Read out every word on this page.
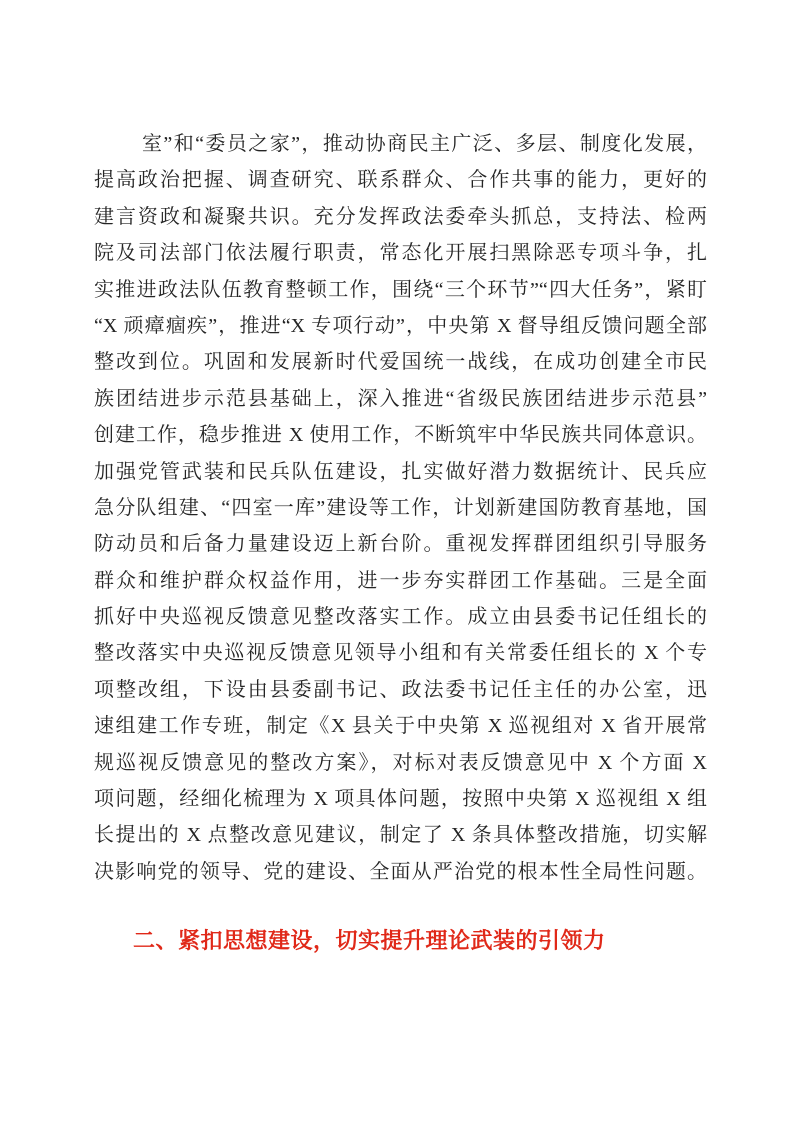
室”和“委员之家”，推动协商民主广泛、多层、制度化发展，
提高政治把握、调查研究、联系群众、合作共事的能力，更好的
建言资政和凝聚共识。充分发挥政法委牵头抓总，支持法、检两
院及司法部门依法履行职责，常态化开展扫黑除恶专项斗争，扎
实推进政法队伍教育整顿工作，围绕“三个环节”“四大任务”，紧盯
“X 顽瘴痼疾”，推进“X 专项行动”，中央第 X 督导组反馈问题全部
整改到位。巩固和发展新时代爱国统一战线，在成功创建全市民
族团结进步示范县基础上，深入推进“省级民族团结进步示范县”
创建工作，稳步推进 X 使用工作，不断筑牢中华民族共同体意识。
加强党管武装和民兵队伍建设，扎实做好潜力数据统计、民兵应
急分队组建、“四室一库”建设等工作，计划新建国防教育基地，国
防动员和后备力量建设迈上新台阶。重视发挥群团组织引导服务
群众和维护群众权益作用，进一步夯实群团工作基础。三是全面
抓好中央巡视反馈意见整改落实工作。成立由县委书记任组长的
整改落实中央巡视反馈意见领导小组和有关常委任组长的 X 个专
项整改组，下设由县委副书记、政法委书记任主任的办公室，迅
速组建工作专班，制定《X 县关于中央第 X 巡视组对 X 省开展常
规巡视反馈意见的整改方案》，对标对表反馈意见中 X 个方面 X
项问题，经细化梳理为 X 项具体问题，按照中央第 X 巡视组 X 组
长提出的 X 点整改意见建议，制定了 X 条具体整改措施，切实解
决影响党的领导、党的建设、全面从严治党的根本性全局性问题。
二、紧扣思想建设，切实提升理论武装的引领力
